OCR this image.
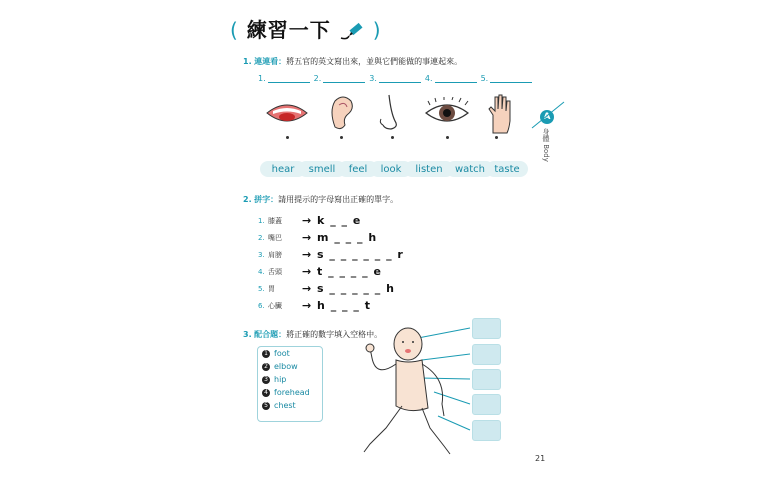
( 練習一下 )
1. 連連看：將五官的英文寫出來，並與它們能做的事連起來。
1.	2.	3.	4.	5.
hear	smell	feel	look	listen	watch taste
A
身體 Body
2. 拼字：請用提示的字母寫出正確的單字。
1. 膝蓋	→ k _ _ e
2. 嘴巴	→ m _ _ _ h
3. 肩膀	→ s _ _ _ _ _ _ r
4. 舌頭	→ t _ _ _ _ e
5. 胃	→ s _ _ _ _ _ h
6. 心臟	→ h _ _ _ t
3. 配合題：將正確的數字填入空格中。
1 foot
2 elbow
3 hip
4 forehead
5 chest
21
